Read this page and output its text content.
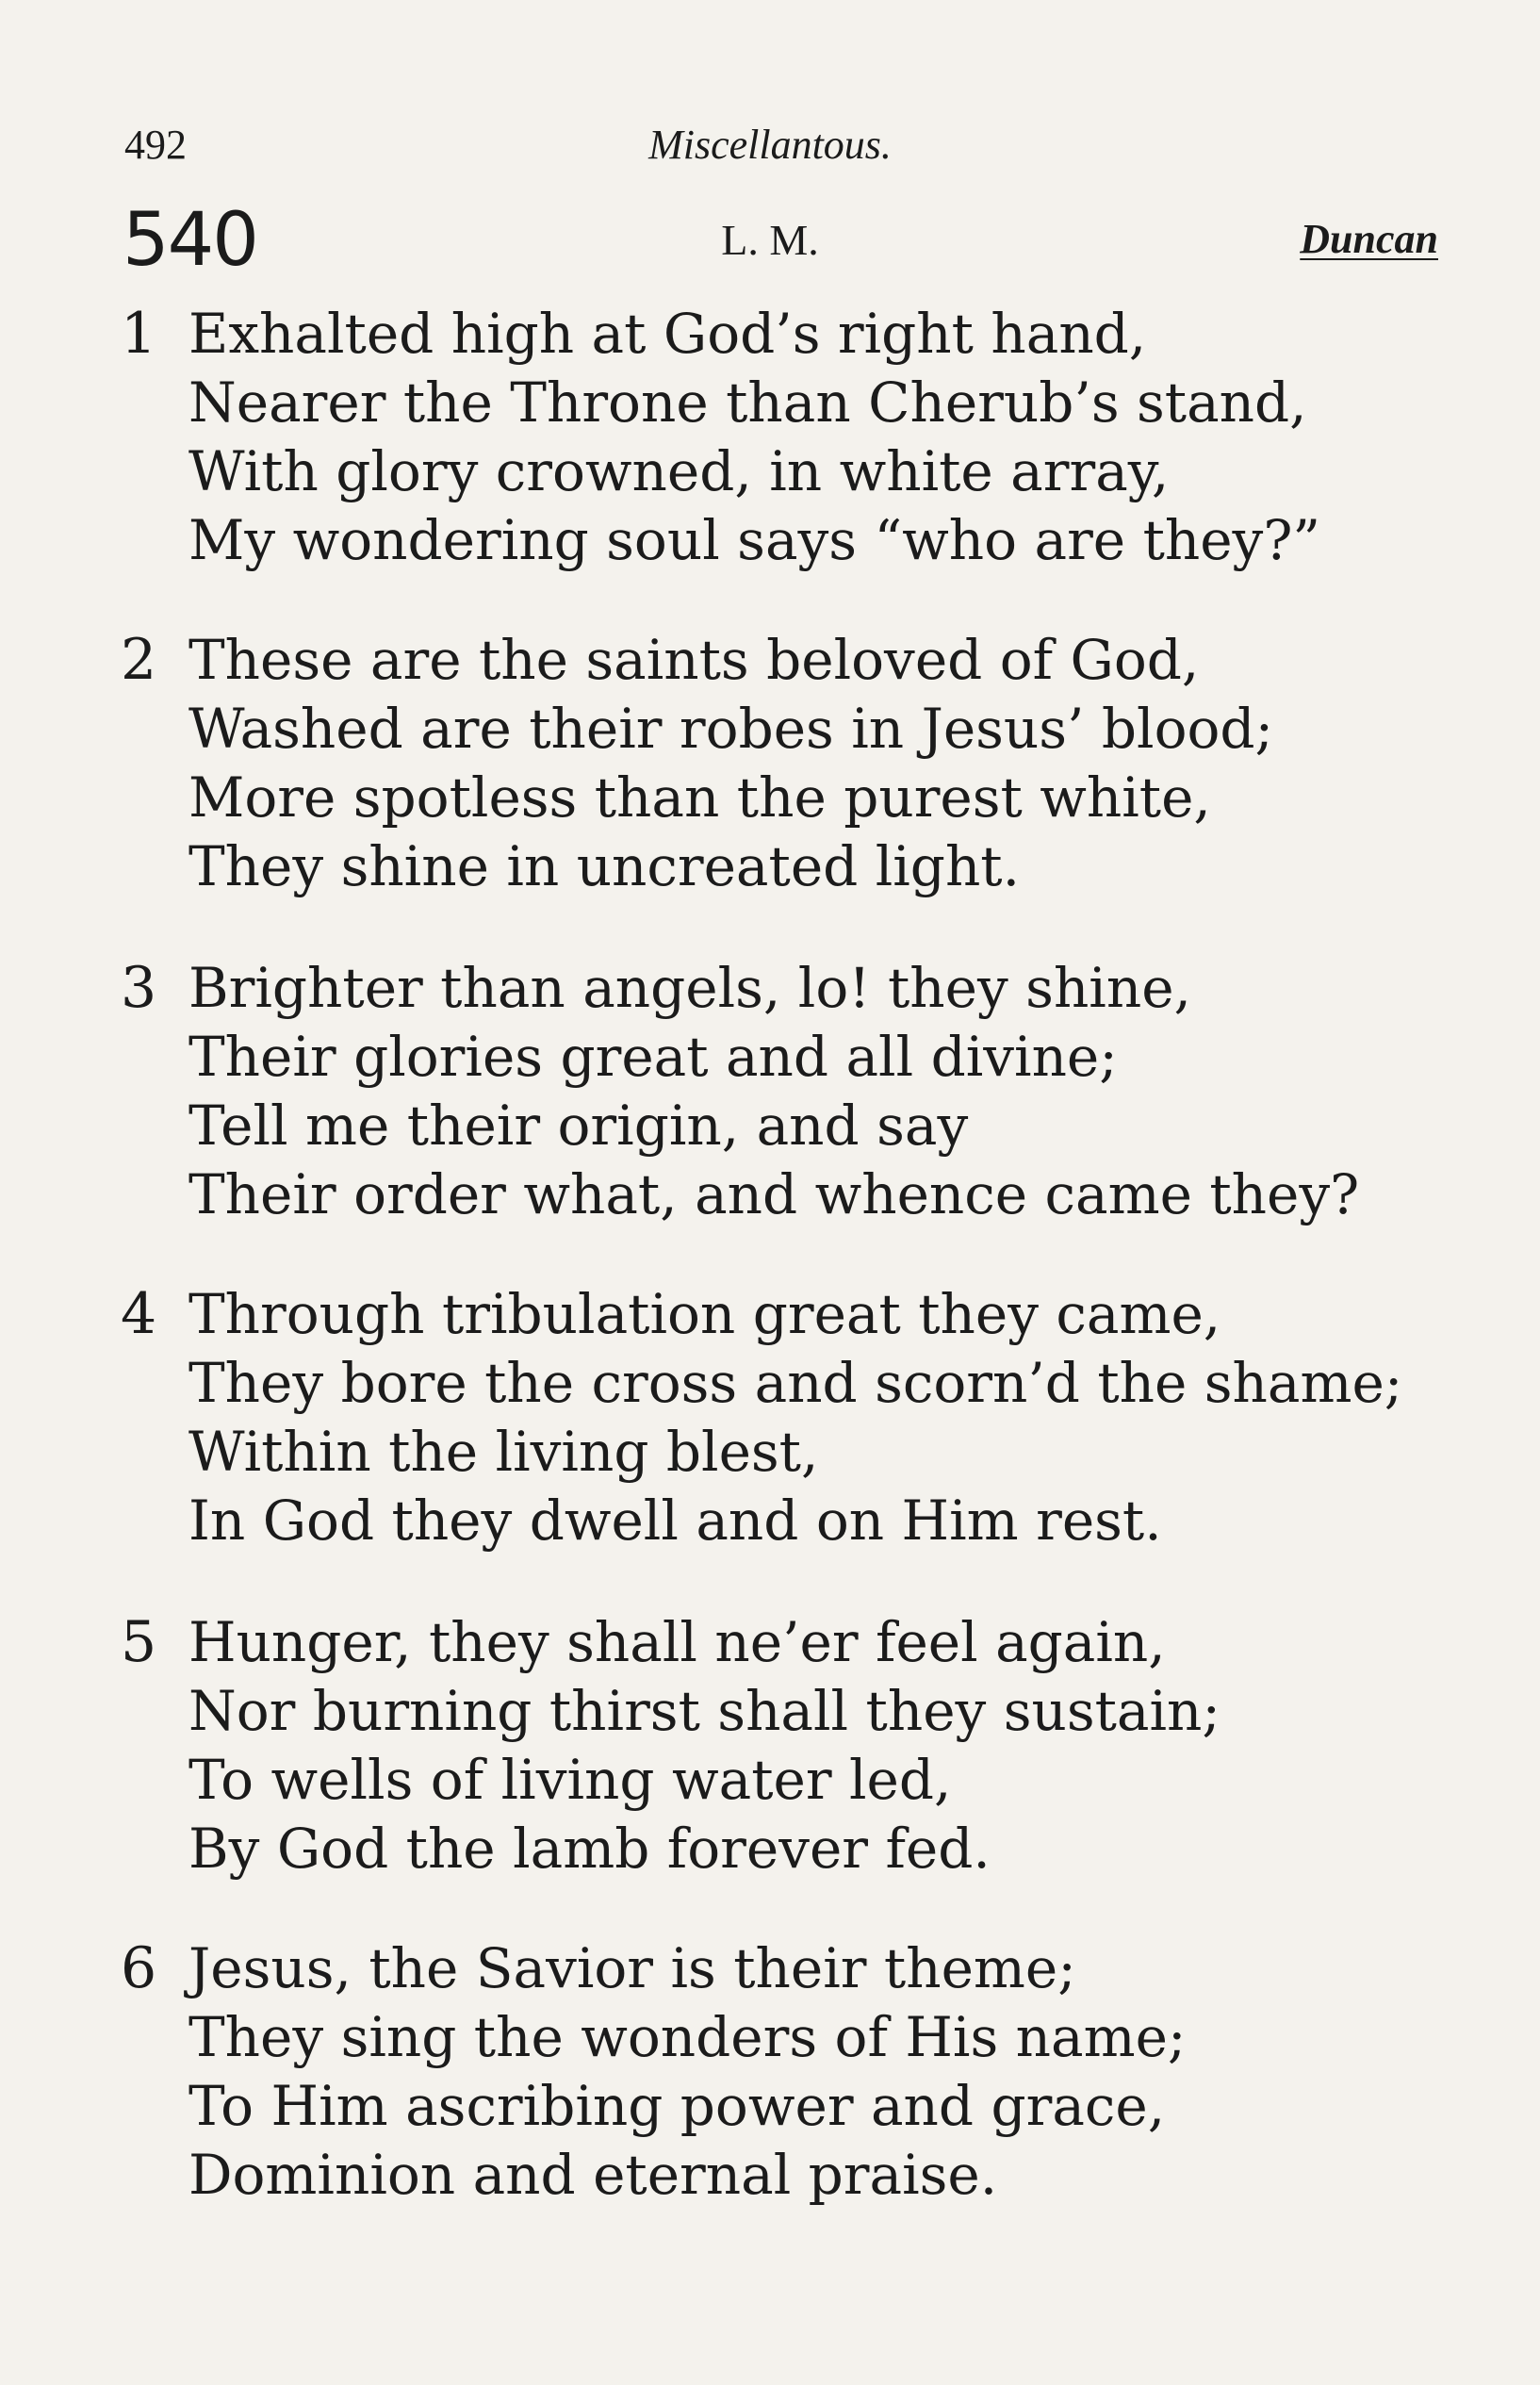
492	Miscellantous.
540	L. M.	Duncan
1 Exhalted high at God’s right hand,
Nearer the Throne than Cherub’s stand,
With glory crowned, in white array,
My wondering soul says “who are they?”
2 These are the saints beloved of God,
Washed are their robes in Jesus’ blood;
More spotless than the purest white,
They shine in uncreated light.
3 Brighter than angels, lo! they shine,
Their glories great and all divine;
Tell me their origin, and say
Their order what, and whence came they?
4 Through tribulation great they came,
They bore the cross and scorn’d the shame;
Within the living blest,
In God they dwell and on Him rest.
5 Hunger, they shall ne’er feel again,
Nor burning thirst shall they sustain;
To wells of living water led,
By God the lamb forever fed.
6 Jesus, the Savior is their theme;
They sing the wonders of His name;
To Him ascribing power and grace,
Dominion and eternal praise.
